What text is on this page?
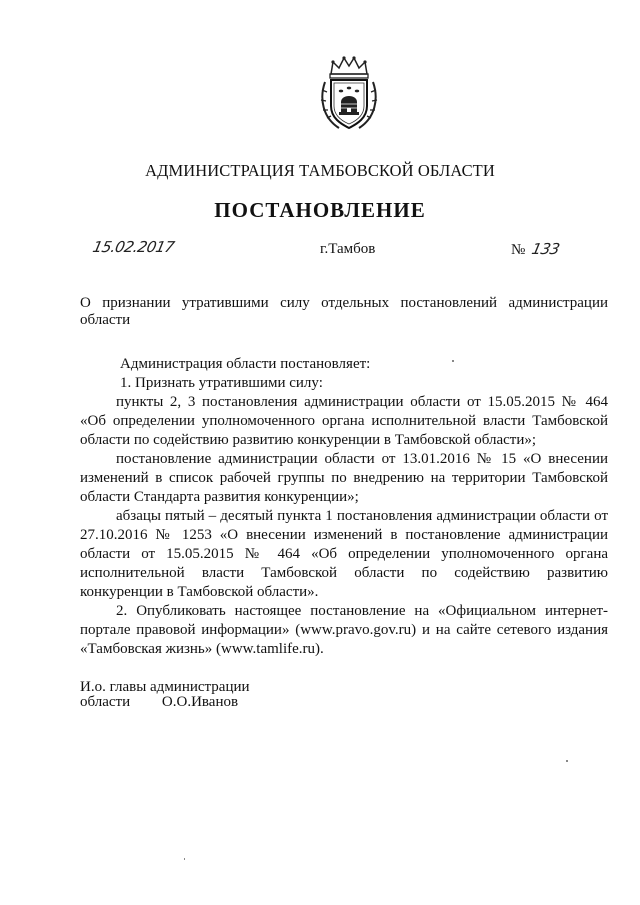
АДМИНИСТРАЦИЯ ТАМБОВСКОЙ ОБЛАСТИ
ПОСТАНОВЛЕНИЕ
15.02.2017	г.Тамбов	№ 133
О признании утратившими силу отдельных постановлений администрации области

Администрация области постановляет:

1. Признать утратившими силу:

пункты 2, 3 постановления администрации области от 15.05.2015 № 464 «Об определении уполномоченного органа исполнительной власти Тамбовской области по содействию развитию конкуренции в Тамбовской области»;

постановление администрации области от 13.01.2016 № 15 «О внесении изменений в список рабочей группы по внедрению на территории Тамбовской области Стандарта развития конкуренции»;

абзацы пятый – десятый пункта 1 постановления администрации области от 27.10.2016 № 1253 «О внесении изменений в постановление администрации области от 15.05.2015 № 464 «Об определении уполномоченного органа исполнительной власти Тамбовской области по содействию развитию конкуренции в Тамбовской области».

2. Опубликовать настоящее постановление на «Официальном интернет-портале правовой информации» (www.pravo.gov.ru) и на сайте сетевого издания «Тамбовская жизнь» (www.tamlife.ru).

И.о. главы администрации
области О.О.Иванов
